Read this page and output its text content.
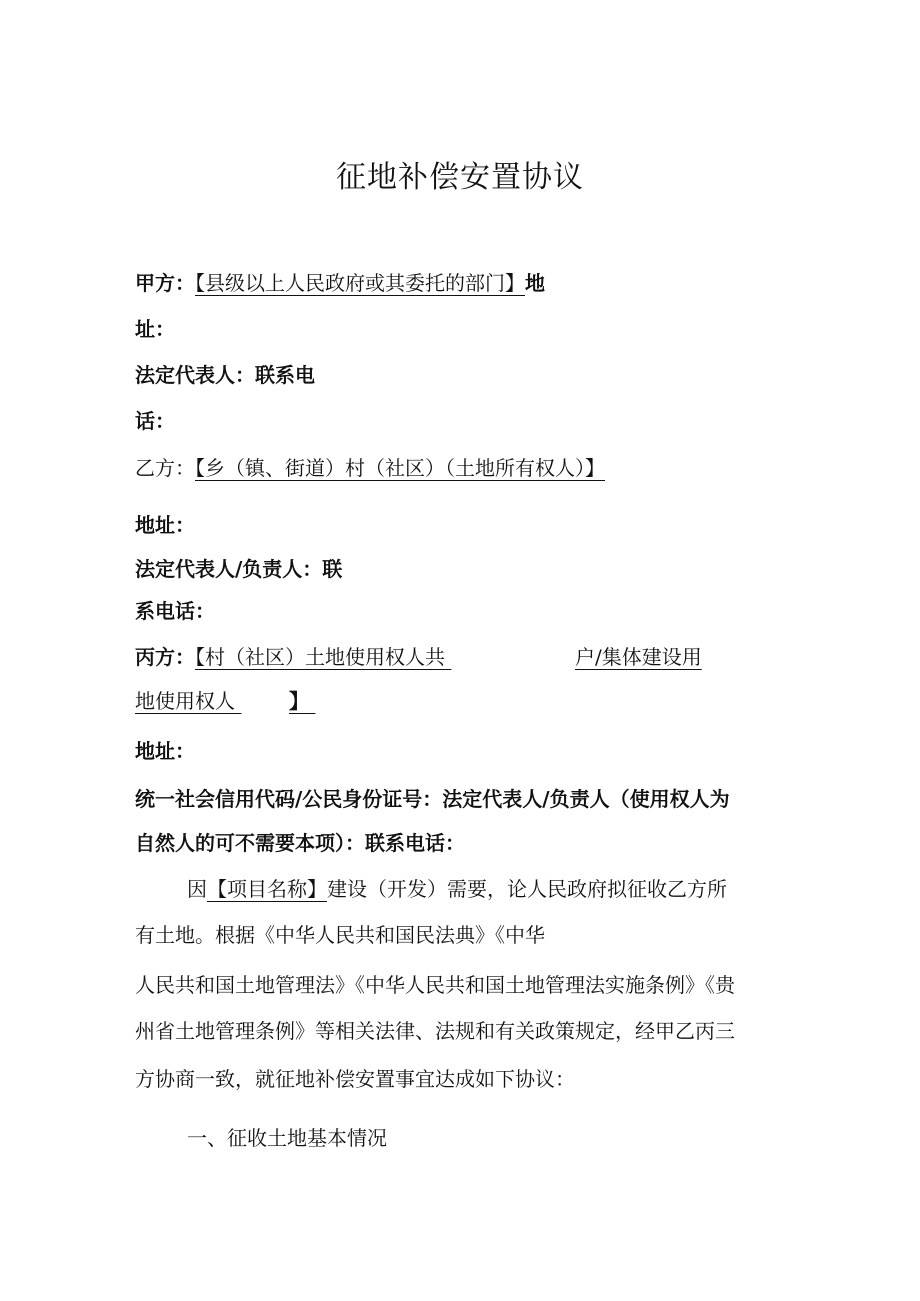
征地补偿安置协议
甲方：【县级以上人民政府或其委托的部门】地
址：
法定代表人：联系电
话：
乙方：【乡（镇、街道）村（社区）（土地所有权人）】
地址：
法定代表人/负责人：联
系电话：
丙方：【村（社区）土地使用权人共	户/集体建设用
地使用权人	】
地址：
统一社会信用代码/公民身份证号：法定代表人/负责人（使用权人为
自然人的可不需要本项）：联系电话：
因【项目名称】建设（开发）需要，论人民政府拟征收乙方所
有土地。根据《中华人民共和国民法典》《中华
人民共和国土地管理法》《中华人民共和国土地管理法实施条例》《贵
州省土地管理条例》等相关法律、法规和有关政策规定，经甲乙丙三
方协商一致，就征地补偿安置事宜达成如下协议：
一、征收土地基本情况
